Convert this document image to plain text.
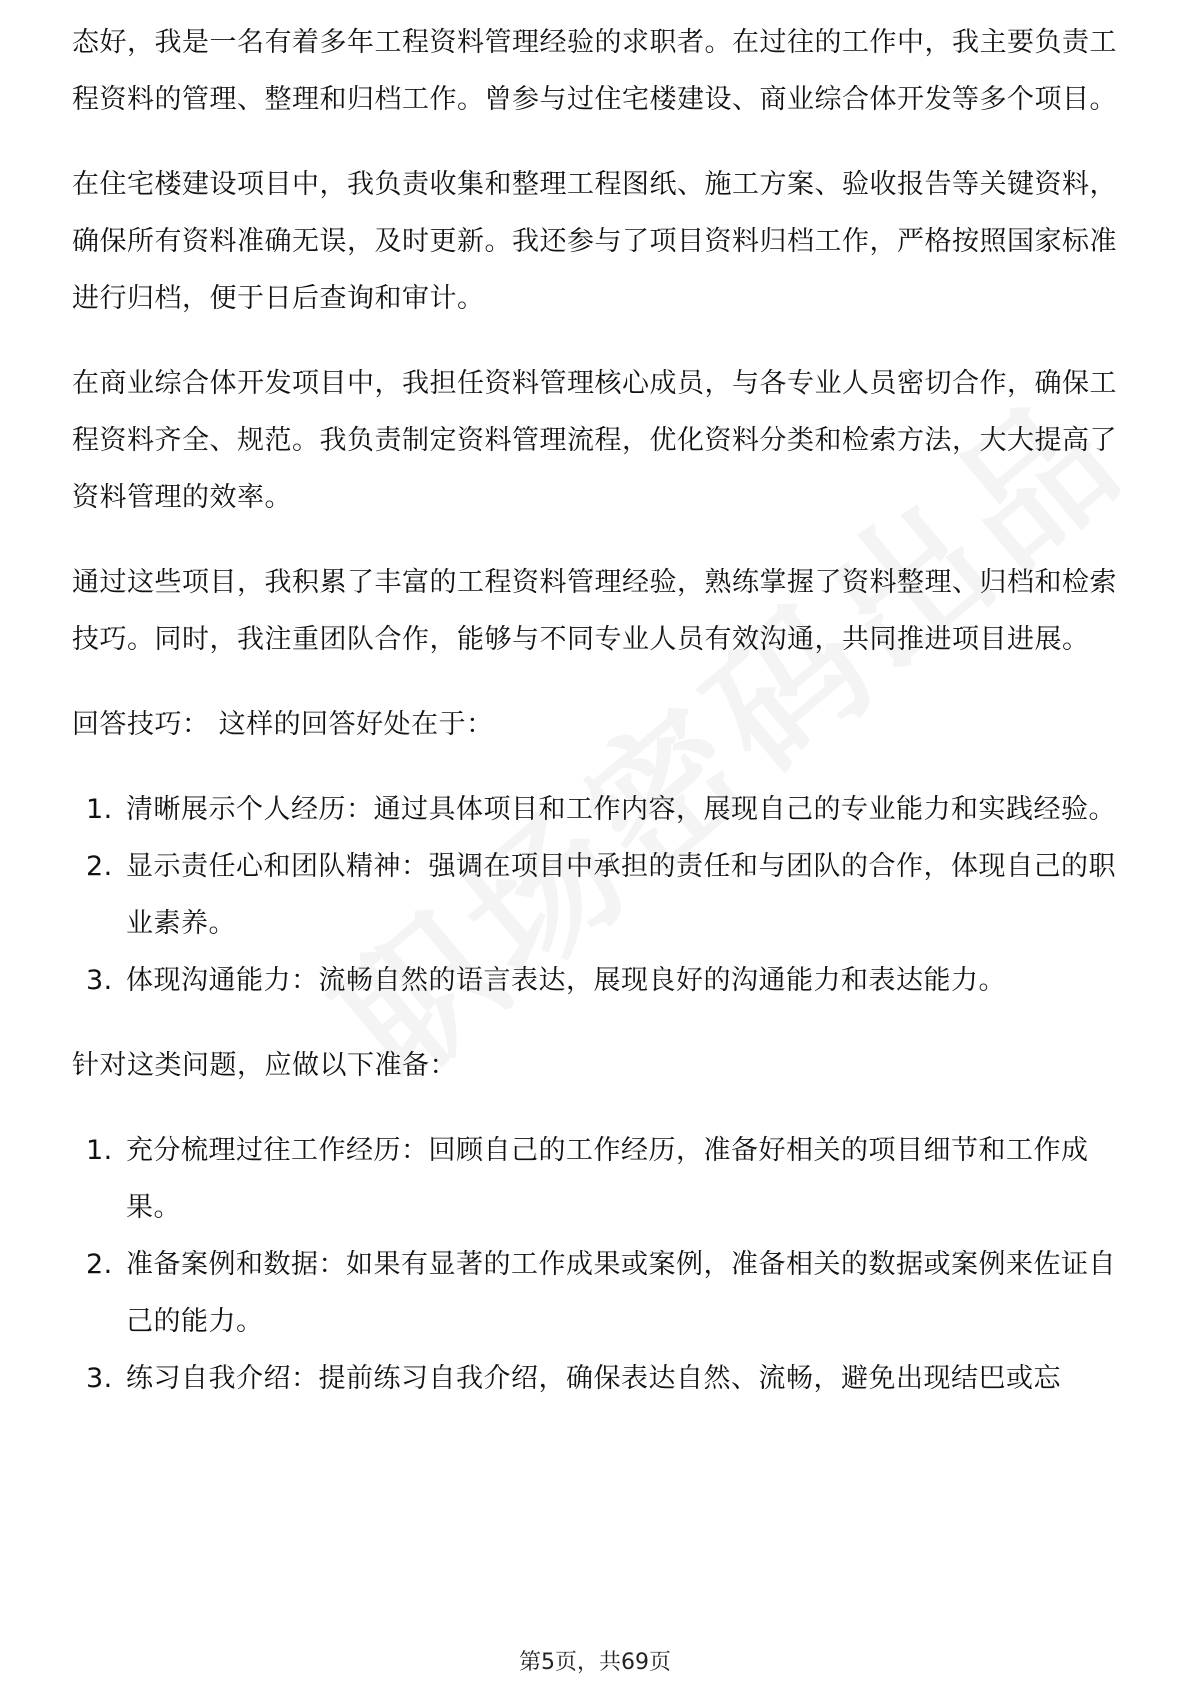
态好，我是一名有着多年工程资料管理经验的求职者。在过往的工作中，我主要负责工程资料的管理、整理和归档工作。曾参与过住宅楼建设、商业综合体开发等多个项目。

在住宅楼建设项目中，我负责收集和整理工程图纸、施工方案、验收报告等关键资料，确保所有资料准确无误，及时更新。我还参与了项目资料归档工作，严格按照国家标准进行归档，便于日后查询和审计。

在商业综合体开发项目中，我担任资料管理核心成员，与各专业人员密切合作，确保工程资料齐全、规范。我负责制定资料管理流程，优化资料分类和检索方法，大大提高了资料管理的效率。

通过这些项目，我积累了丰富的工程资料管理经验，熟练掌握了资料整理、归档和检索技巧。同时，我注重团队合作，能够与不同专业人员有效沟通，共同推进项目进展。

回答技巧： 这样的回答好处在于：

1. 清晰展示个人经历：通过具体项目和工作内容，展现自己的专业能力和实践经验。
2. 显示责任心和团队精神：强调在项目中承担的责任和与团队的合作，体现自己的职业素养。
3. 体现沟通能力：流畅自然的语言表达，展现良好的沟通能力和表达能力。

针对这类问题，应做以下准备：

1. 充分梳理过往工作经历：回顾自己的工作经历，准备好相关的项目细节和工作成果。
2. 准备案例和数据：如果有显著的工作成果或案例，准备相关的数据或案例来佐证自己的能力。
3. 练习自我介绍：提前练习自我介绍，确保表达自然、流畅，避免出现结巴或忘
第5页，共69页
